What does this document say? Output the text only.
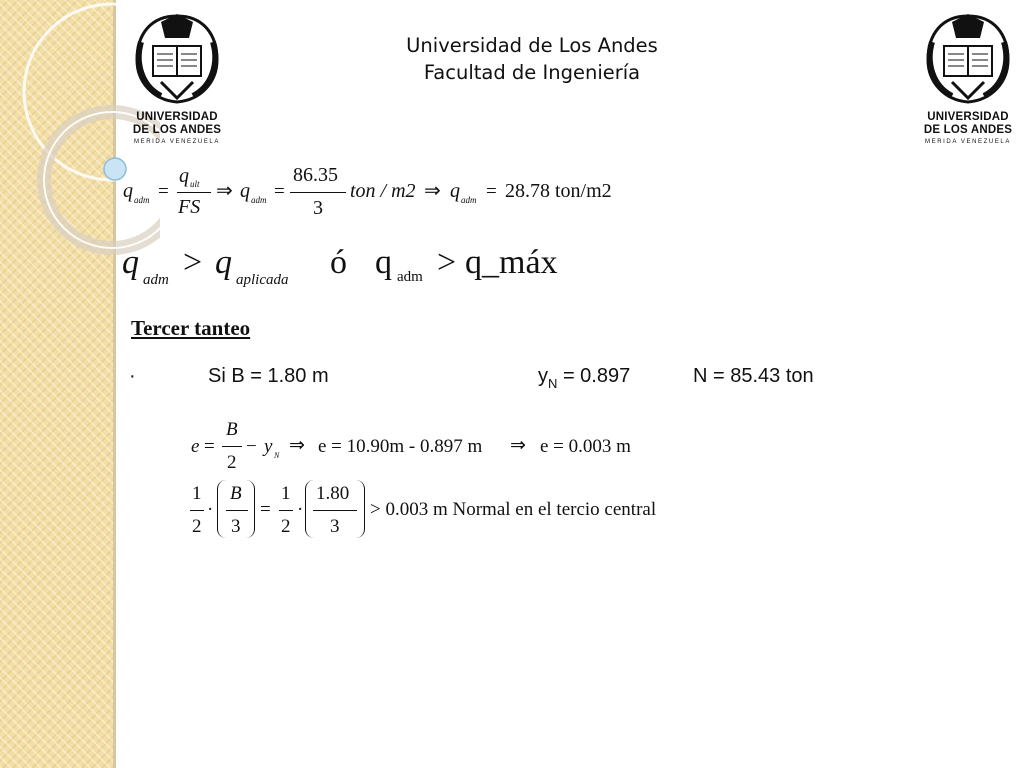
UNIVERSIDAD
DE LOS ANDES
MERIDA VENEZUELA
UNIVERSIDAD
DE LOS ANDES
MERIDA VENEZUELA
Universidad de Los Andes
Facultad de Ingeniería
q adm =
q ult
FS
⇒ q adm =
86.35
3
ton / m2 ⇒ q adm = 28.78 ton/m2
q adm > q aplicada ó q adm > q_máx
Tercer tanteo
·	Si B = 1.80 m	$y_N = 0.897$	N = 85.43 ton
e =
B
2
− y N ⇒ e = 10.90m - 0.897 m ⇒ e = 0.003 m
1
2
·
B
3
=
1
2
·
1.80
3
> 0.003 m Normal en el tercio central
